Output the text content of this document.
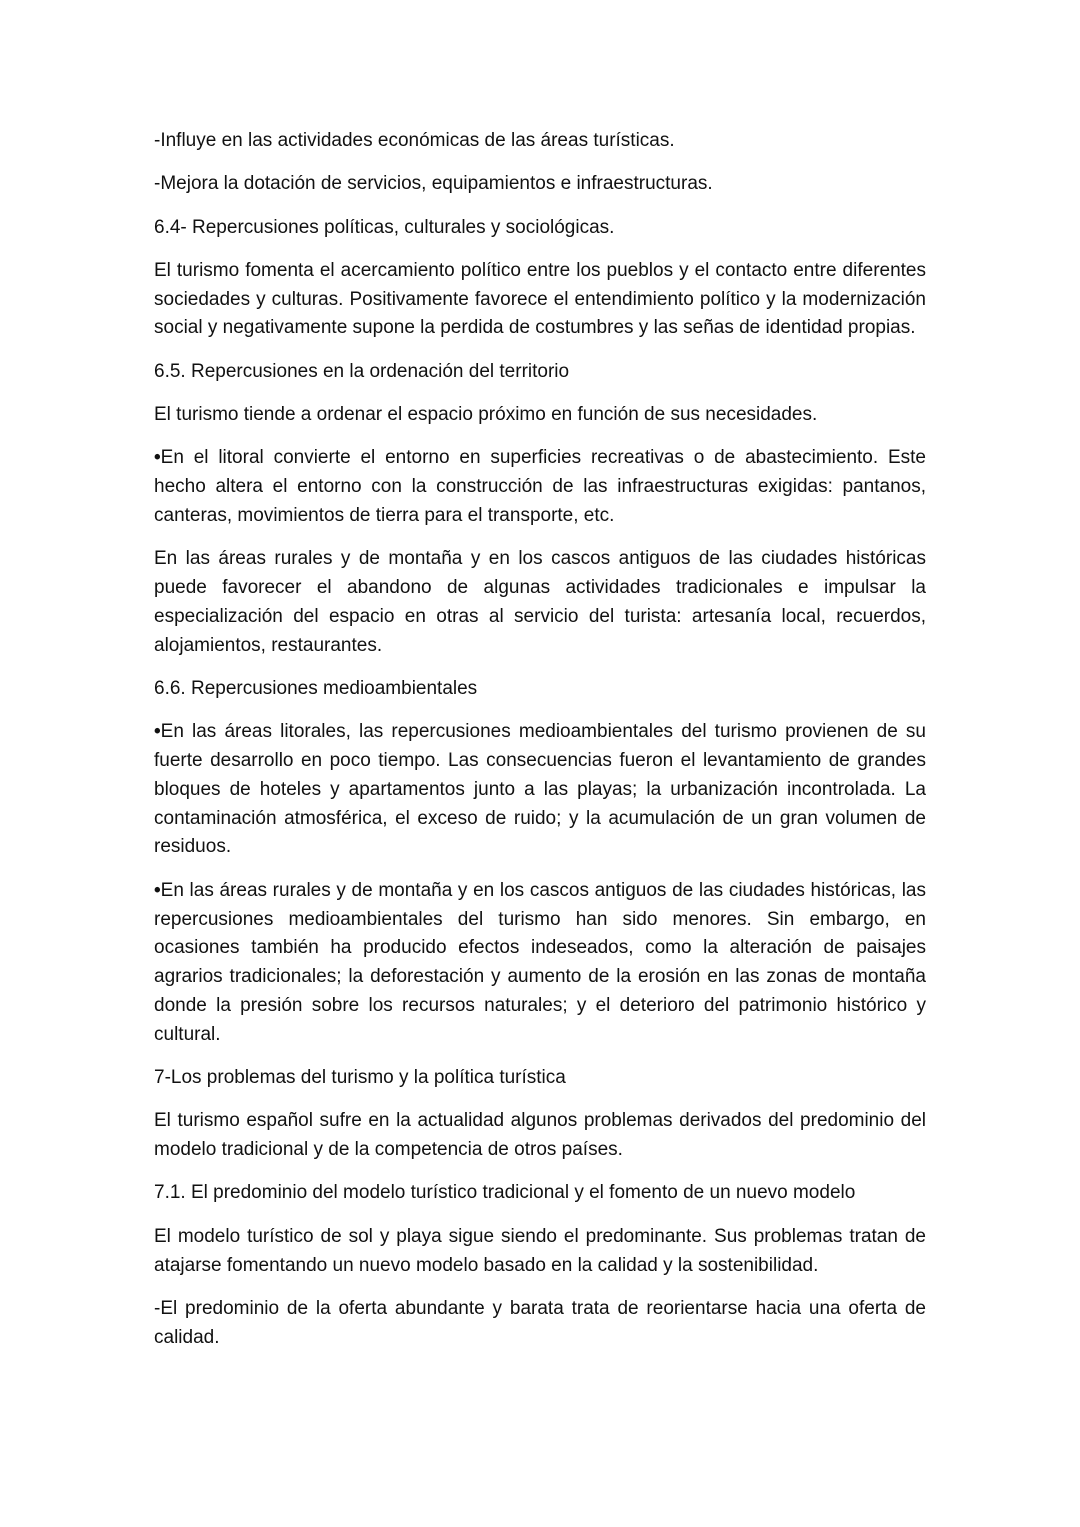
-Influye en las actividades económicas de las áreas turísticas.

-Mejora la dotación de servicios, equipamientos e infraestructuras.

6.4- Repercusiones políticas, culturales y sociológicas.

El turismo fomenta el acercamiento político entre los pueblos y el contacto entre diferentes sociedades y culturas. Positivamente favorece el entendimiento político y la modernización social y negativamente supone la perdida de costumbres y las señas de identidad propias.

6.5. Repercusiones en la ordenación del territorio

El turismo tiende a ordenar el espacio próximo en función de sus necesidades.

•En el litoral convierte el entorno en superficies recreativas o de abastecimiento. Este hecho altera el entorno con la construcción de las infraestructuras exigidas: pantanos, canteras, movimientos de tierra para el transporte, etc.

En las áreas rurales y de montaña y en los cascos antiguos de las ciudades históricas puede favorecer el abandono de algunas actividades tradicionales e impulsar la especialización del espacio en otras al servicio del turista: artesanía local, recuerdos, alojamientos, restaurantes.

6.6. Repercusiones medioambientales

•En las áreas litorales, las repercusiones medioambientales del turismo provienen de su fuerte desarrollo en poco tiempo. Las consecuencias fueron el levantamiento de grandes bloques de hoteles y apartamentos junto a las playas; la urbanización incontrolada. La contaminación atmosférica, el exceso de ruido; y la acumulación de un gran volumen de residuos.

•En las áreas rurales y de montaña y en los cascos antiguos de las ciudades históricas, las repercusiones medioambientales del turismo han sido menores. Sin embargo, en ocasiones también ha producido efectos indeseados, como la alteración de paisajes agrarios tradicionales; la deforestación y aumento de la erosión en las zonas de montaña donde la presión sobre los recursos naturales; y el deterioro del patrimonio histórico y cultural.

7-Los problemas del turismo y la política turística

El turismo español sufre en la actualidad algunos problemas derivados del predominio del modelo tradicional y de la competencia de otros países.

7.1. El predominio del modelo turístico tradicional y el fomento de un nuevo modelo

El modelo turístico de sol y playa sigue siendo el predominante. Sus problemas tratan de atajarse fomentando un nuevo modelo basado en la calidad y la sostenibilidad.

-El predominio de la oferta abundante y barata trata de reorientarse hacia una oferta de calidad.
